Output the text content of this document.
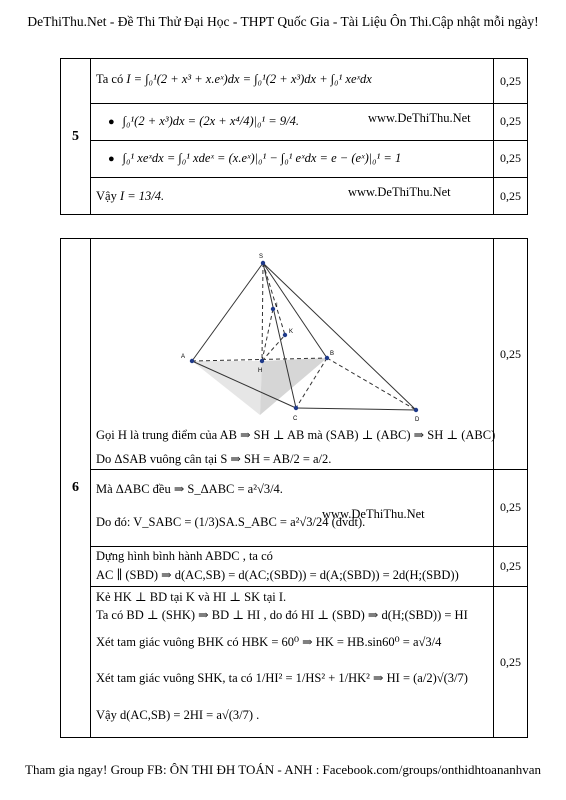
DeThiThu.Net - Đề Thi Thử Đại Học - THPT Quốc Gia - Tài Liệu Ôn Thi.Cập nhật mỗi ngày!
5
Ta có I = ∫₀¹(2 + x³ + x.eˣ)dx = ∫₀¹(2 + x³)dx + ∫₀¹ xeˣdx	0,25
● ∫₀¹(2 + x³)dx = (2x + x⁴/4)|₀¹ = 9/4.	www.DeThiThu.Net	0,25
● ∫₀¹ xeˣdx = ∫₀¹ xdeˣ = (x.eˣ)|₀¹ − ∫₀¹ eˣdx = e − (eˣ)|₀¹ = 1	0,25
Vậy I = 13/4.	www.DeThiThu.Net	0,25
6
S
A	B
C	D
H
K
I
Gọi H là trung điểm của AB ⇒ SH ⊥ AB mà (SAB) ⊥ (ABC) ⇒ SH ⊥ (ABC)
Do ΔSAB vuông cân tại S ⇒ SH = AB/2 = a/2.
0,25
Mà ΔABC đều ⇒ S_ΔABC = a²√3/4.
Do đó: V_SABC = (1/3)SA.S_ABC = a²√3/24 (đvdt).
www.DeThiThu.Net	0,25
Dựng hình bình hành ABDC , ta có
AC ∥ (SBD) ⇒ d(AC,SB) = d(AC;(SBD)) = d(A;(SBD)) = 2d(H;(SBD))
0,25
Kẻ HK ⊥ BD tại K và HI ⊥ SK tại I.
Ta có BD ⊥ (SHK) ⇒ BD ⊥ HI , do đó HI ⊥ (SBD) ⇒ d(H;(SBD)) = HI
Xét tam giác vuông BHK có HBK = 60⁰ ⇒ HK = HB.sin60⁰ = a√3/4
Xét tam giác vuông SHK, ta có 1/HI² = 1/HS² + 1/HK² ⇒ HI = (a/2)√(3/7)
Vậy d(AC,SB) = 2HI = a√(3/7) .
0,25
Tham gia ngay! Group FB: ÔN THI ĐH TOÁN - ANH : Facebook.com/groups/onthidhtoananhvan
